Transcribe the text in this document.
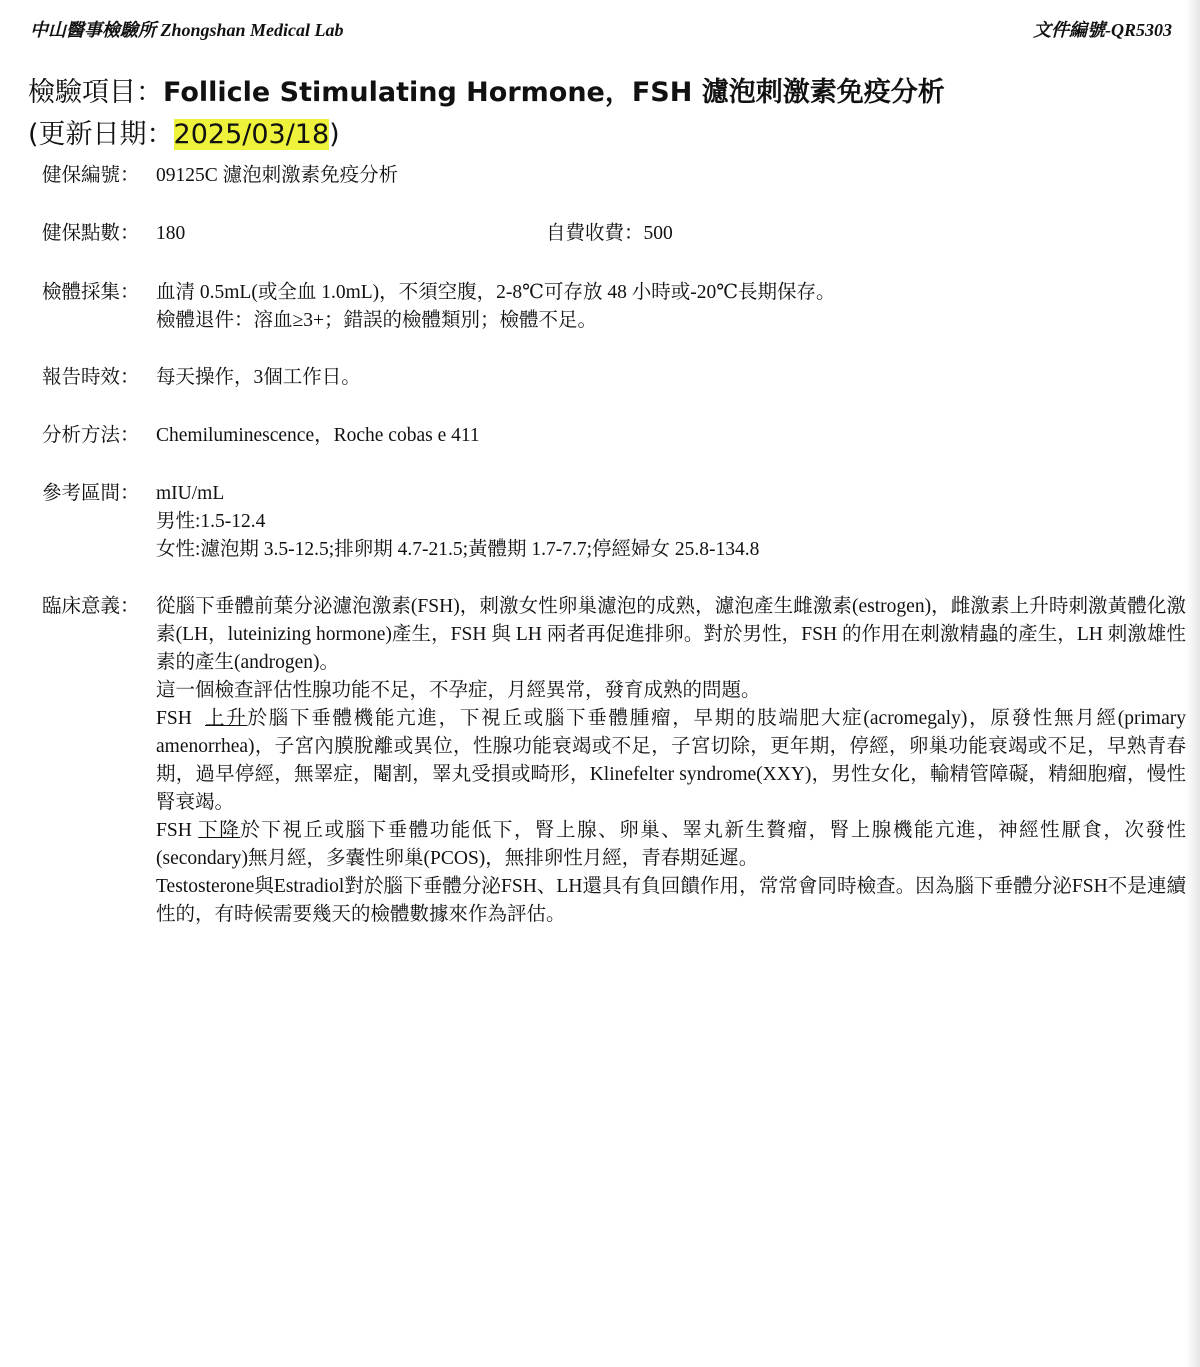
中山醫事檢驗所 Zhongshan Medical Lab	文件編號-QR5303
檢驗項目：Follicle Stimulating Hormone，FSH 濾泡刺激素免疫分析
(更新日期：2025/03/18)
健保編號： 09125C 濾泡刺激素免疫分析
健保點數： 180	自費收費：500
檢體採集： 血清 0.5mL(或全血 1.0mL)，不須空腹，2-8℃可存放 48 小時或-20℃長期保存。
檢體退件：溶血≥3+；錯誤的檢體類別；檢體不足。
報告時效： 每天操作，3個工作日。
分析方法： Chemiluminescence，Roche cobas e 411
參考區間： mIU/mL
男性:1.5-12.4
女性:濾泡期 3.5-12.5;排卵期 4.7-21.5;黃體期 1.7-7.7;停經婦女 25.8-134.8
臨床意義： 從腦下垂體前葉分泌濾泡激素(FSH)，刺激女性卵巢濾泡的成熟，濾泡產生雌激素(estrogen)，雌激素上升時刺激黃體化激素(LH，luteinizing hormone)產生，FSH 與 LH 兩者再促進排卵。對於男性，FSH 的作用在刺激精蟲的產生，LH 刺激雄性素的產生(androgen)。
這一個檢查評估性腺功能不足，不孕症，月經異常，發育成熟的問題。
FSH  上升於腦下垂體機能亢進，下視丘或腦下垂體腫瘤，早期的肢端肥大症(acromegaly)，原發性無月經(primary amenorrhea)，子宮內膜脫離或異位，性腺功能衰竭或不足，子宮切除，更年期，停經，卵巢功能衰竭或不足，早熟青春期，過早停經，無睪症，閹割，睪丸受損或畸形，Klinefelter syndrome(XXY)，男性女化，輸精管障礙，精細胞瘤，慢性腎衰竭。
FSH 下降於下視丘或腦下垂體功能低下，腎上腺、卵巢、睪丸新生贅瘤，腎上腺機能亢進，神經性厭食，次發性(secondary)無月經，多囊性卵巢(PCOS)，無排卵性月經，青春期延遲。
Testosterone與Estradiol對於腦下垂體分泌FSH、LH還具有負回饋作用，常常會同時檢查。因為腦下垂體分泌FSH不是連續性的，有時候需要幾天的檢體數據來作為評估。
